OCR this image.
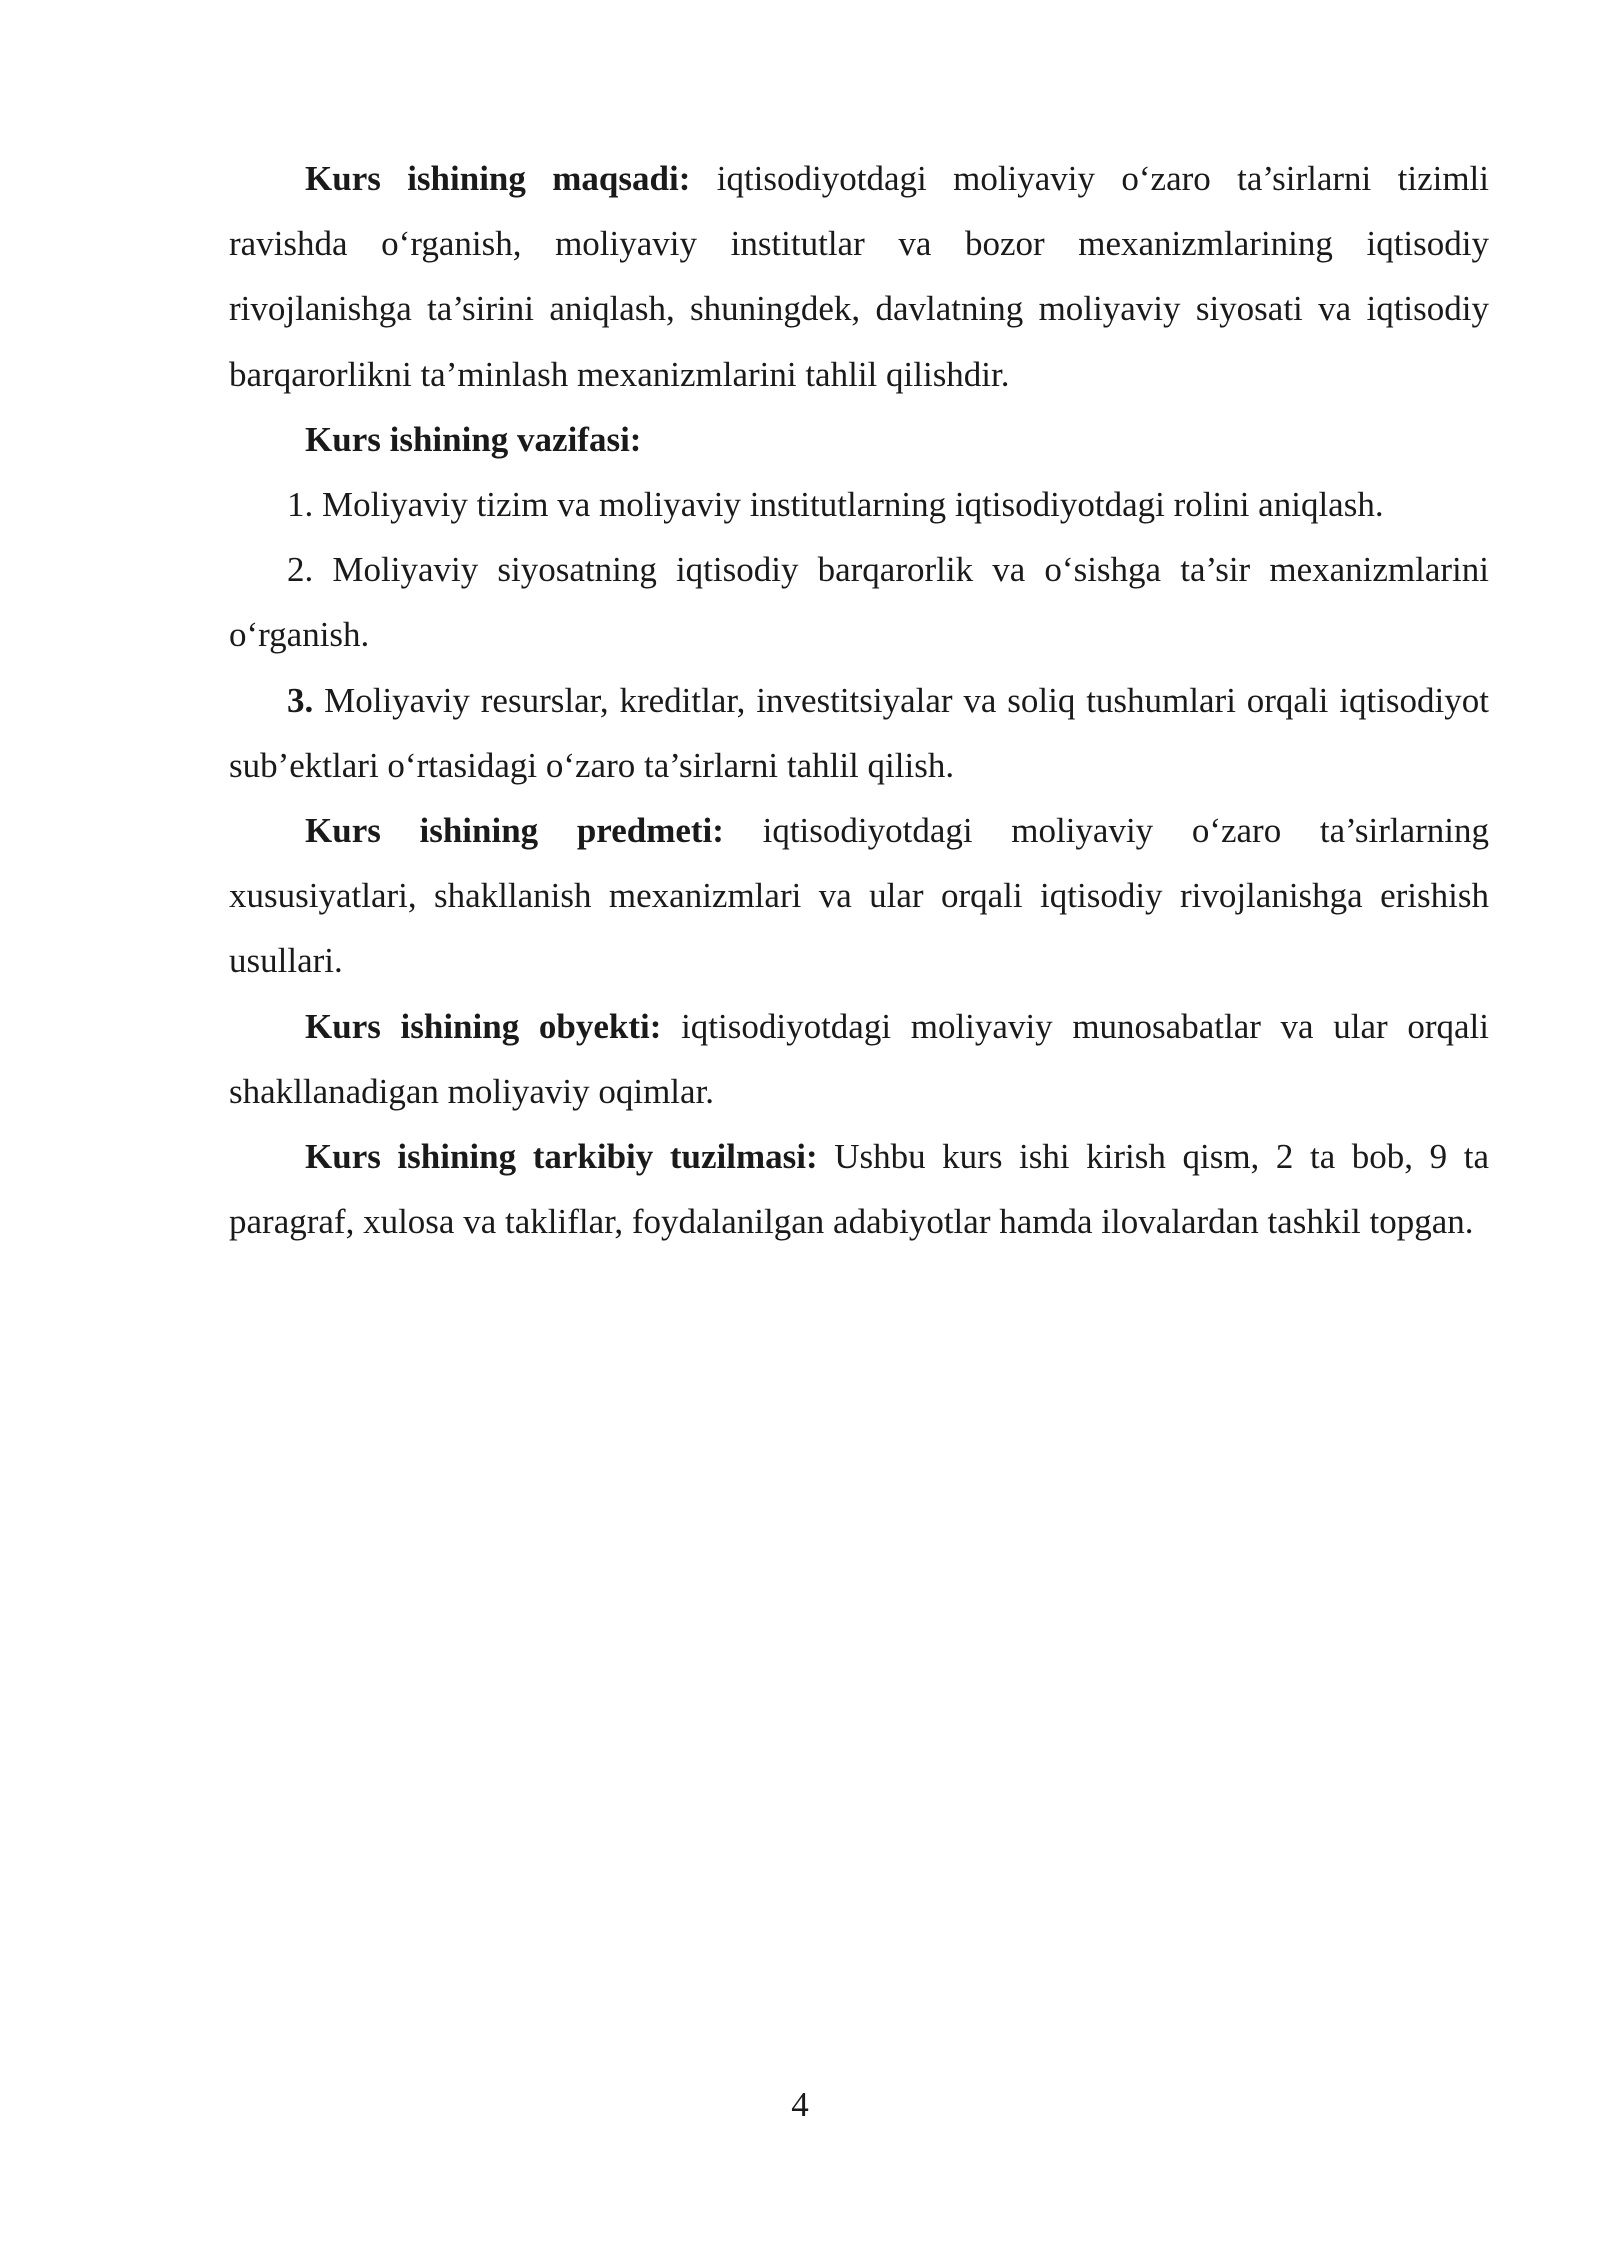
Kurs ishining maqsadi: iqtisodiyotdagi moliyaviy o‘zaro ta’sirlarni tizimli ravishda o‘rganish, moliyaviy institutlar va bozor mexanizmlarining iqtisodiy rivojlanishga ta’sirini aniqlash, shuningdek, davlatning moliyaviy siyosati va iqtisodiy barqarorlikni ta’minlash mexanizmlarini tahlil qilishdir.

Kurs ishining vazifasi:

1. Moliyaviy tizim va moliyaviy institutlarning iqtisodiyotdagi rolini aniqlash.

2. Moliyaviy siyosatning iqtisodiy barqarorlik va o‘sishga ta’sir mexanizmlarini o‘rganish.

3. Moliyaviy resurslar, kreditlar, investitsiyalar va soliq tushumlari orqali iqtisodiyot sub’ektlari o‘rtasidagi o‘zaro ta’sirlarni tahlil qilish.

Kurs ishining predmeti: iqtisodiyotdagi moliyaviy o‘zaro ta’sirlarning xususiyatlari, shakllanish mexanizmlari va ular orqali iqtisodiy rivojlanishga erishish usullari.

Kurs ishining obyekti: iqtisodiyotdagi moliyaviy munosabatlar va ular orqali shakllanadigan moliyaviy oqimlar.

Kurs ishining tarkibiy tuzilmasi: Ushbu kurs ishi kirish qism, 2 ta bob, 9 ta paragraf, xulosa va takliflar, foydalanilgan adabiyotlar hamda ilovalardan tashkil topgan.

4
